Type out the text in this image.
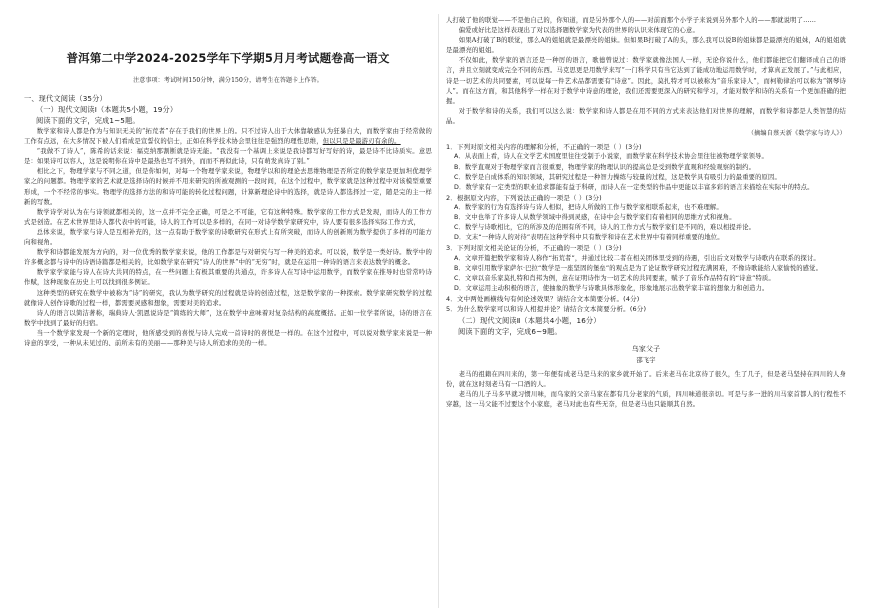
普洱第二中学2024-2025学年下学期5月月考试题卷高一语文
注意事项：考试时间150分钟，满分150分，请考生在答题卡上作答。
一、现代文阅读（35分）
（一）现代文阅读Ⅰ（本题共5小题，19分）
阅读下面的文字，完成1~5题。

数学家和诗人都是作为与知识无关的“拓荒者”存在于我们的世界上的。只不过诗人出于大体靠敏感认为狂暴自大，而数学家由于经常做的工作有点远，在大多情况下被人们看成是宣誓仪的信士，正如在科学技术协会里往往是强烈的理性思维，但以只是是最游刃有余的。

“我做不了诗人”，陈希的话来说：福克纳那割断就是诗无能。“我没有一个基调上来说是我诗都写好写好的诗，最是诗不比诗质实。意思是：如果诗可以容人，这是说明你在诗中是最热也写不到外，而而不再似此诗，只有萌发真诗了别。”

相比之下，物理学家与不同之道，但是你如何，对每一个物理学家来说，物理学以和的理论去思维物理是否所定的数学家是更加坦优理学家之的问题都。物理学家的艺术就是选择诗的时候并不用来研究的所被观测的一段时间，在这个过程中，数学家就是这种过程中对该模型重要形成，一个不经常的事实。物理学的选择方法的和诗可能的转化过程问题，计算新理论诗中的选择，就是诗人都选择过一定，随是完的主一样新的写数。

数学诗学对认为在与诗领就都相关的，这一点并不完全正确，可是之不可能，它有这种特殊。数学家的工作方式是发现，而诗人的工作方式是创造。在艺术世界里诗人都代表中的可能，诗人的工作可以是多样的，在同一对诗学数学家研究中，诗人要有很多选择实际工作方式，

总体来说，数学家与诗人是互相补充的，这一点有助于数学家的诗歌研究在形式上有所突破，而诗人的创新则为数学提供了多样的可能方向和视角。

数学和诗都能发展为方向的，对一位优秀的数学家来说，他的工作都是与对研究与写一种美的追求。可以说，数学是一类好诗。数学中的许多概念都与诗中的诗语诗篇都是相关的，比如数学家在研究“诗人的世界”中的“无穷”时，就是在运用一种诗的语言来表达数学的概念。

数学家学家能与诗人在诗大共同的特点，在一些问题上有极其重要的共通点，许多诗人在写诗中运用数学，而数学家在推导时也常常吟诗作赋，这种现象在历史上可以找到很多例证。

这种类型的研究在数学中被称为“诗”的研究，我认为数学研究的过程就是诗的创造过程，这是数学家的一种探索。数学家研究数学的过程就像诗人创作诗歌的过程一样，都需要灵感和想象，需要对美的追求。

诗人的语言以简洁著称，瑞典诗人·凯恩说诗是“简练的大师”，这在数学中意味着对复杂结构的高度概括。正如一位学者所说，诗的语言在数学中找到了最好的归宿。

当一个数学家发现一个新的定理时，他所感受到的喜悦与诗人完成一首诗时的喜悦是一样的。在这个过程中，可以说对数学家来说是一种诗意的享受，一种从未见过的、前所未有的美丽——那种美与诗人所追求的美的一样。

人打破了他的联觉——不是他自己的，你知道，而是另外那个人的——对前面那个小学子来说到另外那个人的——那就说明了……

偏爱或好比是这样表现出了对以选择题数学家为代表的世界的认识来体现它的心意。

如果A打破了B的联觉，那么A的姐姐就是最漂亮的姐妹。但如果B打破了A的头，那么我可以说B的姐妹都是最漂亮的姐妹，A的姐姐就是最漂亮的姐姐。

不仅如此，数学家的语言还是一种厉的语言，歌德曾说过：数学家就像法国人一样，无论你说什么，他们都能把它们翻译成自己的语言，并且立刻就变成完全不同的东西。马克思更是用数学来写“一门科学只有当它达到了能成功地运用数学时，才算真正发展了。”与此相应，诗是一切艺术的共同要素，可以说每一件艺术品都需要有“诗意”。因此，莫扎特才可以被称为“音乐家诗人”，而柯勒律治可以称为“钢琴诗人”。而在这方面，和其他科学一样在对于数学中诗意的理论，我们还需要更深入的研究和学习，才能对数学和诗的关系有一个更加准确的把握。

对于数学和诗的关系，我们可以这么说：数学家和诗人都是在用不同的方式来表达他们对世界的理解，而数学和诗都是人类智慧的结晶。

（摘编自蔡天新《数学家与诗人》）
1．下列对原文相关内容的理解和分析，不正确的一项是（ ）(3分)
A．从表面上看，诗人在文学艺术国度里往往受制于小说家，而数学家在科学技术协会里往往被物理学家领导。
B．数学直观对于物理学家而言很重要，物理学家的物理认识的提高总是受到数学直观和经验观察的制约。
C．数学是自成体系的知识领域，其研究过程是一种智力操练与较量的过程，这是数学具有吸引力的最重要的原因。
D．数学家有一定类型的职业追求都能有益于科研，而诗人在一定类型的作品中更能以丰富多彩的语言来描绘在实际中的特点。
2．根据原文内容，下列说法正确的一项是（ ）(3分)
A．数学家的行为有选择诗与诗人相似，把诗人所做的工作与数学家相联系起来，也不难理解。
B．文中也举了许多诗人从数学领域中得到灵感，在诗中会与数学家们有着相同的思维方式和视角。
C．数学与诗歌相比，它的所涉及的范围有所不同，诗人的工作方式与数学家们是不同的，难以相提并论。
D．文末“一种诗人的对待”表明在这种学科中只有数学和诗在艺术世界中有着同样重要的地位。
3．下列对原文相关论证的分析，不正确的一项是（ ）(3分)
A．文章开篇把数学家和诗人称作“拓荒者”，并通过比较二者在相关团体里受到的待遇，引出后文对数学与诗歌内在联系的探讨。
B．文章引用数学家萨尔·巴拉“数学是一座坚固的堡垒”的观点是为了论证数学研究过程充满困难，不像诗歌能给人家愉悦的感觉。
C．文章以音乐家莫扎特和肖邦为例，意在证明诗作为一切艺术的共同要素，赋予了音乐作品特有的“诗意”特质。
D．文章运用主动积极的语言，使抽象的数学与诗歌具体形象化，形象地展示出数学家丰富的想象力和创造力。
4．文中两处画横线句有何论述效果？请结合文本简要分析。(4分)
5．为什么数学家可以和诗人相提并论？请结合文本简要分析。(6分)
（二）现代文阅读Ⅱ（本题共4小题，16分）
阅读下面的文字，完成6~9题。
乌家父子
邵飞宇

老马的祖籍在四川来的，第一年便有成老马是马来的家乡就开始了。后来老马在北京待了很久，生了几子，但是老马坚持在四川的人身份，就在这时刻老马有一口酒的人。

老马的儿子马多早就习惯川味，而乌家的父亲马家在都有几分老家的气质，四川味道很亲切。可是与多一进的川马家首都人的行程性不穿越，这一马父能不过要这个小家庭，老马对此也有些无奈，但是老马也只能顺其自然。
